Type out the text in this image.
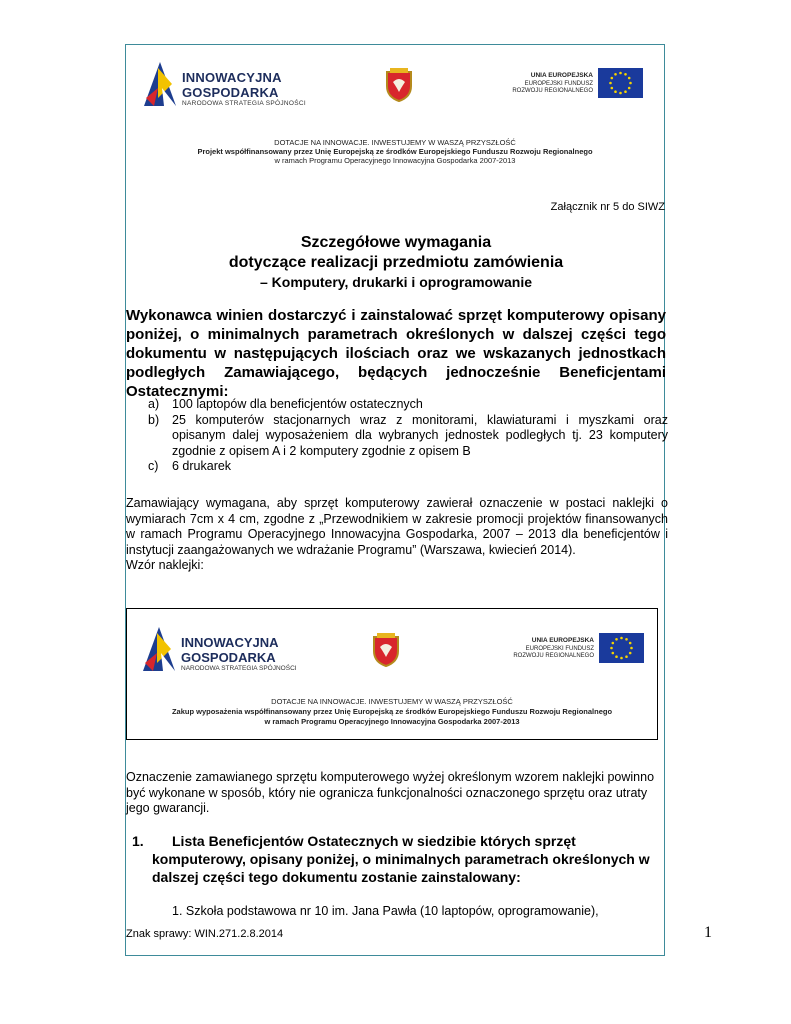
INNOWACYJNA
GOSPODARKA
NARODOWA STRATEGIA SPÓJNOŚCI
UNIA EUROPEJSKA
EUROPEJSKI FUNDUSZ
ROZWOJU REGIONALNEGO
DOTACJE NA INNOWACJE. INWESTUJEMY W WASZĄ PRZYSZŁOŚĆ
Projekt współfinansowany przez Unię Europejską ze środków Europejskiego Funduszu Rozwoju Regionalnego
w ramach Programu Operacyjnego Innowacyjna Gospodarka 2007-2013
Załącznik nr 5 do SIWZ
Szczegółowe wymagania
dotyczące realizacji przedmiotu zamówienia
– Komputery, drukarki i oprogramowanie
Wykonawca winien dostarczyć i zainstalować sprzęt komputerowy opisany poniżej, o minimalnych parametrach określonych w dalszej części tego dokumentu w następujących ilościach oraz we wskazanych jednostkach podległych Zamawiającego, będących jednocześnie Beneficjentami Ostatecznymi:
a)	100 laptopów dla beneficjentów ostatecznych
b)	25 komputerów stacjonarnych wraz z monitorami, klawiaturami i myszkami oraz opisanym dalej wyposażeniem dla wybranych jednostek podległych tj. 23 komputery zgodnie z opisem A i 2 komputery zgodnie z opisem B
c)	6 drukarek
Zamawiający wymagana, aby sprzęt komputerowy zawierał oznaczenie w postaci naklejki o wymiarach 7cm x 4 cm, zgodne z „Przewodnikiem w zakresie promocji projektów finansowanych w ramach Programu Operacyjnego Innowacyjna Gospodarka, 2007 – 2013 dla beneficjentów i instytucji zaangażowanych we wdrażanie Programu” (Warszawa, kwiecień 2014).
Wzór naklejki:
INNOWACYJNA
GOSPODARKA
NARODOWA STRATEGIA SPÓJNOŚCI
UNIA EUROPEJSKA
EUROPEJSKI FUNDUSZ
ROZWOJU REGIONALNEGO
DOTACJE NA INNOWACJE. INWESTUJEMY W WASZĄ PRZYSZŁOŚĆ
Zakup wyposażenia współfinansowany przez Unię Europejską ze środków Europejskiego Funduszu Rozwoju Regionalnego
w ramach Programu Operacyjnego Innowacyjna Gospodarka 2007-2013
Oznaczenie zamawianego sprzętu komputerowego wyżej określonym wzorem naklejki powinno być wykonane w sposób, który nie ogranicza funkcjonalności oznaczonego sprzętu oraz utraty jego gwarancji.
1.	Lista Beneficjentów Ostatecznych w siedzibie których sprzęt komputerowy, opisany poniżej, o minimalnych parametrach określonych w dalszej części tego dokumentu zostanie zainstalowany:
1. Szkoła podstawowa nr 10 im. Jana Pawła (10 laptopów, oprogramowanie),
Znak sprawy: WIN.271.2.8.2014	1
